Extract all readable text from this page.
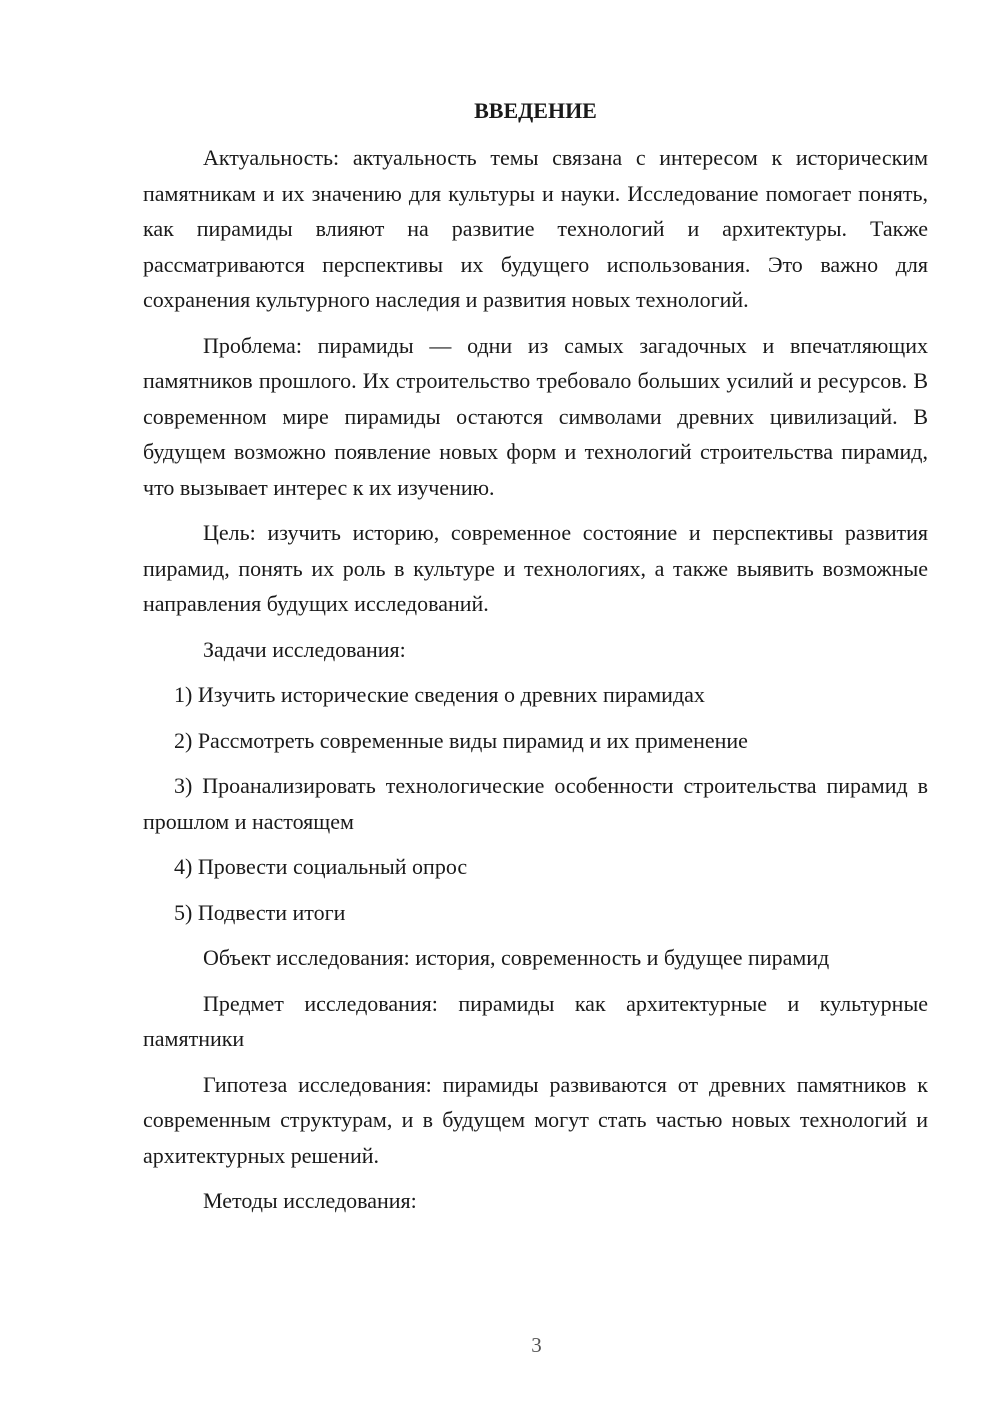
ВВЕДЕНИЕ

Актуальность: актуальность темы связана с интересом к историческим памятникам и их значению для культуры и науки. Исследование помогает понять, как пирамиды влияют на развитие технологий и архитектуры. Также рассматриваются перспективы их будущего использования. Это важно для сохранения культурного наследия и развития новых технологий.

Проблема: пирамиды — одни из самых загадочных и впечатляющих памятников прошлого. Их строительство требовало больших усилий и ресурсов. В современном мире пирамиды остаются символами древних цивилизаций. В будущем возможно появление новых форм и технологий строительства пирамид, что вызывает интерес к их изучению.

Цель: изучить историю, современное состояние и перспективы развития пирамид, понять их роль в культуре и технологиях, а также выявить возможные направления будущих исследований.

Задачи исследования:

1) Изучить исторические сведения о древних пирамидах

2) Рассмотреть современные виды пирамид и их применение

3) Проанализировать технологические особенности строительства пирамид в прошлом и настоящем

4) Провести социальный опрос

5) Подвести итоги

Объект исследования: история, современность и будущее пирамид

Предмет исследования: пирамиды как архитектурные и культурные памятники

Гипотеза исследования: пирамиды развиваются от древних памятников к современным структурам, и в будущем могут стать частью новых технологий и архитектурных решений.

Методы исследования:

3
